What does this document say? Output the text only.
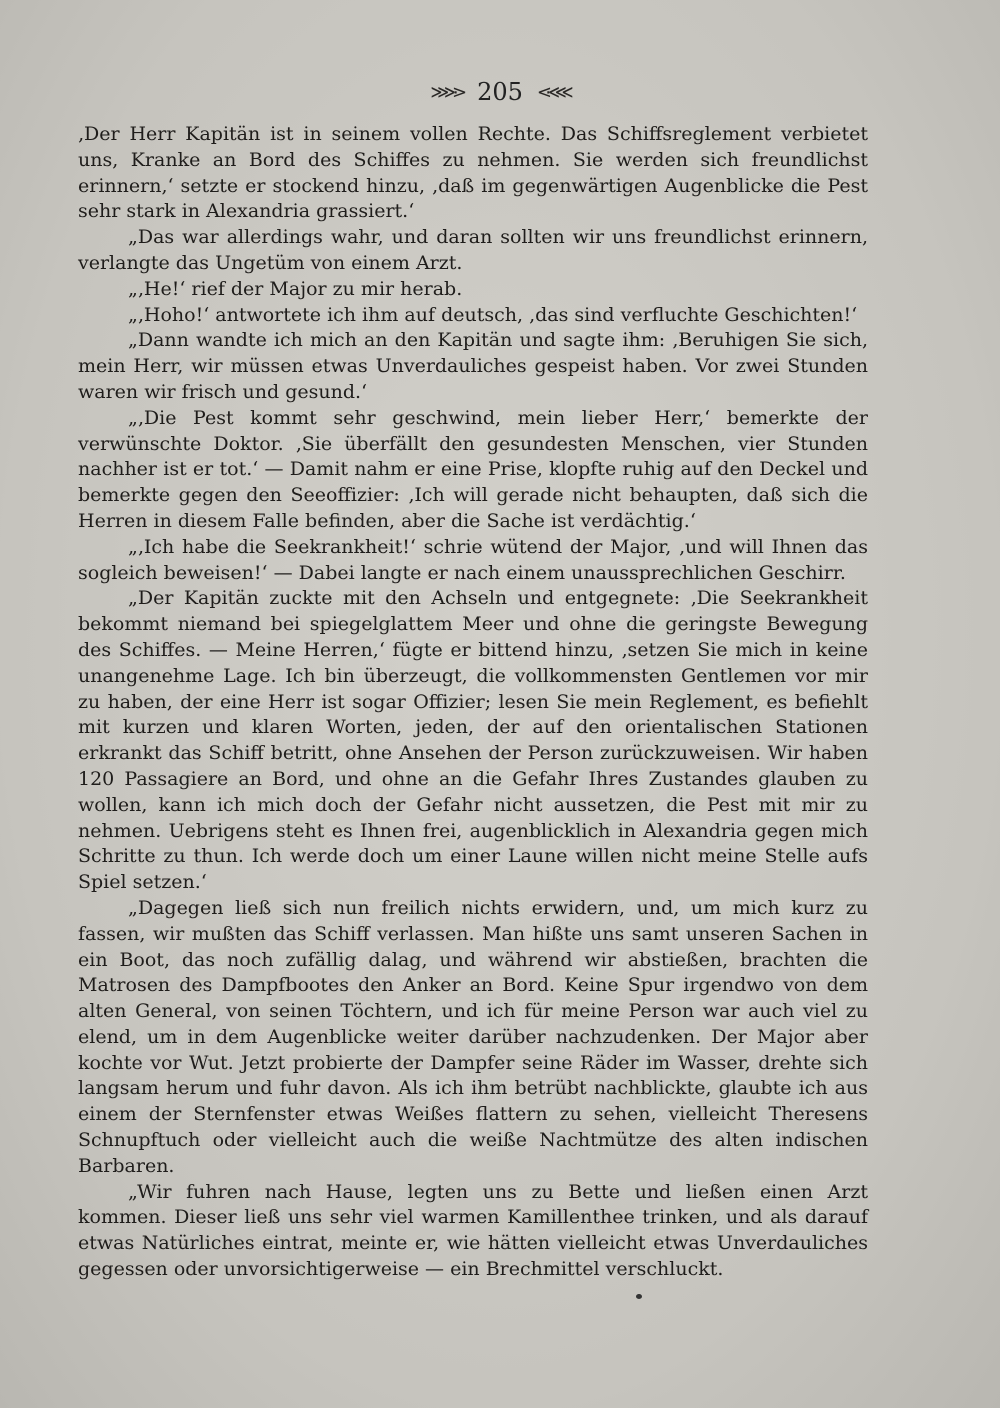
⋙⋗ 205 ⋖⋘

‚Der Herr Kapitän ist in seinem vollen Rechte. Das Schiffsreglement verbietet uns, Kranke an Bord des Schiffes zu nehmen. Sie werden sich freundlichst erinnern,‘ setzte er stockend hinzu, ‚daß im gegenwärtigen Augenblicke die Pest sehr stark in Alexandria grassiert.‘

„Das war allerdings wahr, und daran sollten wir uns freundlichst erinnern, verlangte das Ungetüm von einem Arzt.

„‚He!‘ rief der Major zu mir herab.

„‚Hoho!‘ antwortete ich ihm auf deutsch, ‚das sind verfluchte Geschichten!‘

„Dann wandte ich mich an den Kapitän und sagte ihm: ‚Beruhigen Sie sich, mein Herr, wir müssen etwas Unverdauliches gespeist haben. Vor zwei Stunden waren wir frisch und gesund.‘

„‚Die Pest kommt sehr geschwind, mein lieber Herr,‘ bemerkte der verwünschte Doktor. ‚Sie überfällt den gesundesten Menschen, vier Stunden nachher ist er tot.‘ — Damit nahm er eine Prise, klopfte ruhig auf den Deckel und bemerkte gegen den Seeoffizier: ‚Ich will gerade nicht behaupten, daß sich die Herren in diesem Falle befinden, aber die Sache ist verdächtig.‘

„‚Ich habe die Seekrankheit!‘ schrie wütend der Major, ‚und will Ihnen das sogleich beweisen!‘ — Dabei langte er nach einem unaussprechlichen Geschirr.

„Der Kapitän zuckte mit den Achseln und entgegnete: ‚Die Seekrankheit bekommt niemand bei spiegelglattem Meer und ohne die geringste Bewegung des Schiffes. — Meine Herren,‘ fügte er bittend hinzu, ‚setzen Sie mich in keine unangenehme Lage. Ich bin überzeugt, die vollkommensten Gentlemen vor mir zu haben, der eine Herr ist sogar Offizier; lesen Sie mein Reglement, es befiehlt mit kurzen und klaren Worten, jeden, der auf den orientalischen Stationen erkrankt das Schiff betritt, ohne Ansehen der Person zurückzuweisen. Wir haben 120 Passagiere an Bord, und ohne an die Gefahr Ihres Zustandes glauben zu wollen, kann ich mich doch der Gefahr nicht aussetzen, die Pest mit mir zu nehmen. Uebrigens steht es Ihnen frei, augenblicklich in Alexandria gegen mich Schritte zu thun. Ich werde doch um einer Laune willen nicht meine Stelle aufs Spiel setzen.‘

„Dagegen ließ sich nun freilich nichts erwidern, und, um mich kurz zu fassen, wir mußten das Schiff verlassen. Man hißte uns samt unseren Sachen in ein Boot, das noch zufällig dalag, und während wir abstießen, brachten die Matrosen des Dampfbootes den Anker an Bord. Keine Spur irgendwo von dem alten General, von seinen Töchtern, und ich für meine Person war auch viel zu elend, um in dem Augenblicke weiter darüber nachzudenken. Der Major aber kochte vor Wut. Jetzt probierte der Dampfer seine Räder im Wasser, drehte sich langsam herum und fuhr davon. Als ich ihm betrübt nachblickte, glaubte ich aus einem der Sternfenster etwas Weißes flattern zu sehen, vielleicht Theresens Schnupftuch oder vielleicht auch die weiße Nachtmütze des alten indischen Barbaren.

„Wir fuhren nach Hause, legten uns zu Bette und ließen einen Arzt kommen. Dieser ließ uns sehr viel warmen Kamillenthee trinken, und als darauf etwas Natürliches eintrat, meinte er, wie hätten vielleicht etwas Unverdauliches gegessen oder unvorsichtigerweise — ein Brechmittel verschluckt.
